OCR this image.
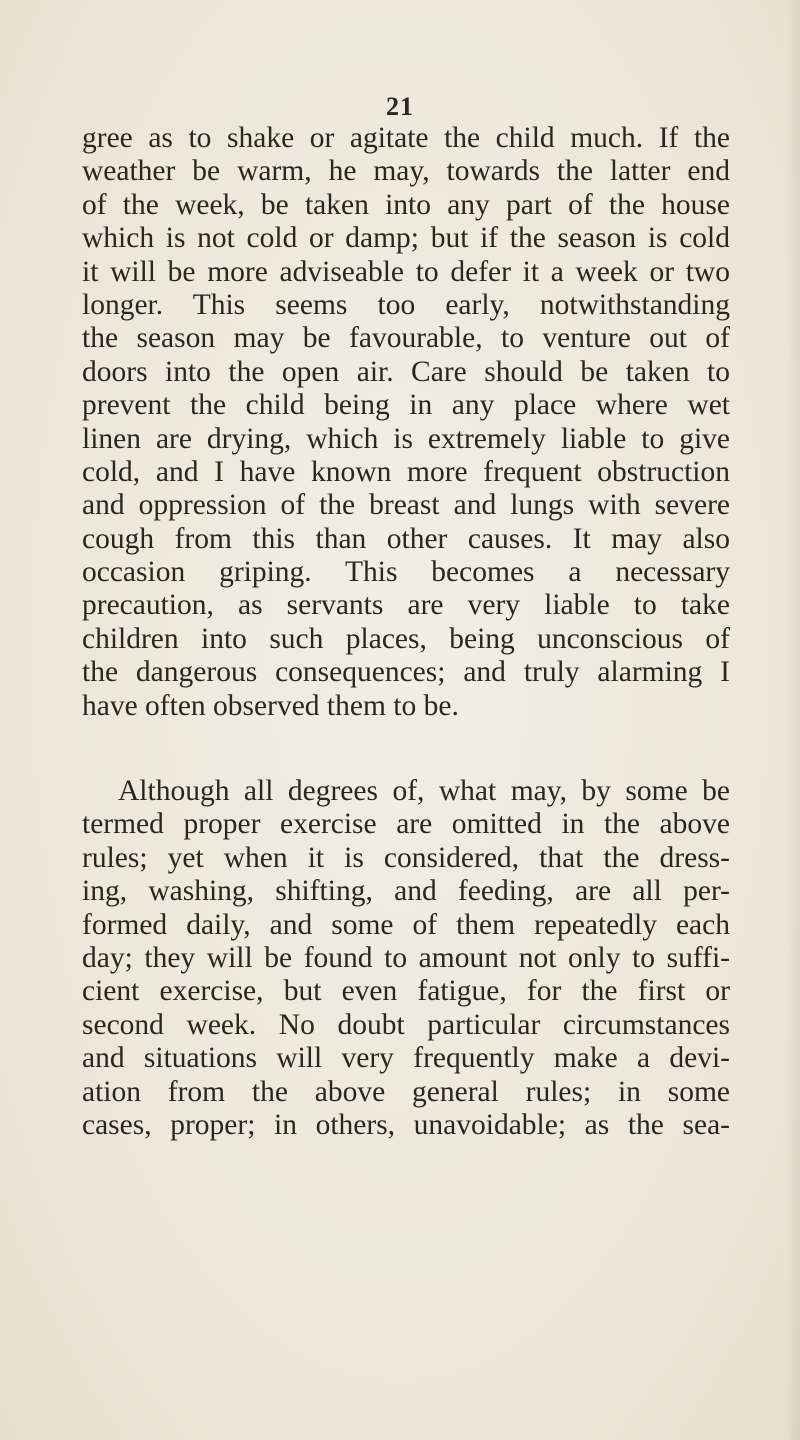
21
gree as to shake or agitate the child much. If the
weather be warm, he may, towards the latter end
of the week, be taken into any part of the house
which is not cold or damp; but if the season is cold
it will be more adviseable to defer it a week or two
longer. This seems too early, notwithstanding
the season may be favourable, to venture out of
doors into the open air. Care should be taken to
prevent the child being in any place where wet
linen are drying, which is extremely liable to give
cold, and I have known more frequent obstruction
and oppression of the breast and lungs with severe
cough from this than other causes. It may also
occasion griping. This becomes a necessary
precaution, as servants are very liable to take
children into such places, being unconscious of
the dangerous consequences; and truly alarming I
have often observed them to be.
Although all degrees of, what may, by some be
termed proper exercise are omitted in the above
rules; yet when it is considered, that the dress-
ing, washing, shifting, and feeding, are all per-
formed daily, and some of them repeatedly each
day; they will be found to amount not only to suffi-
cient exercise, but even fatigue, for the first or
second week. No doubt particular circumstances
and situations will very frequently make a devi-
ation from the above general rules; in some
cases, proper; in others, unavoidable; as the sea-
